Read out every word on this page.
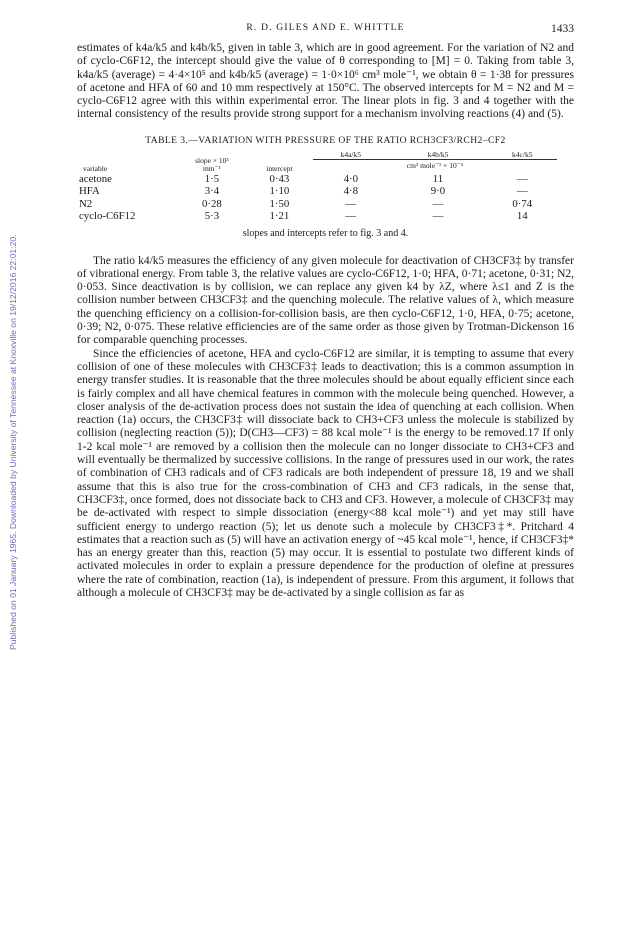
Published on 01 January 1965. Downloaded by University of Tennessee at Knoxville on 19/12/2016 22:01:20.
R. D. GILES AND E. WHITTLE	1433

estimates of k4a/k5 and k4b/k5, given in table 3, which are in good agreement. For the variation of N2 and of cyclo-C6F12, the intercept should give the value of θ corresponding to [M] = 0. Taking from table 3, k4a/k5 (average) = 4·4×10⁵ and k4b/k5 (average) = 1·0×10⁶ cm³ mole⁻¹, we obtain θ = 1·38 for pressures of acetone and HFA of 60 and 10 mm respectively at 150°C. The observed intercepts for M = N2 and M = cyclo-C6F12 agree with this within experimental error. The linear plots in fig. 3 and 4 together with the internal consistency of the results provide strong support for a mechanism involving reactions (4) and (5).

TABLE 3.—VARIATION WITH PRESSURE OF THE RATIO RCH3CF3/RCH2–CF2
variable	slope × 10³
mm⁻¹	intercept	k4a/k5	k4b/k5	k4c/k5
			cm³ mole⁻¹ × 10⁻⁵		
acetone	1·5	0·43	4·0	11	—
HFA	3·4	1·10	4·8	9·0	—
N2	0·28	1·50	—	—	0·74
cyclo-C6F12	5·3	1·21	—	—	14
slopes and intercepts refer to fig. 3 and 4.

The ratio k4/k5 measures the efficiency of any given molecule for deactivation of CH3CF3‡ by transfer of vibrational energy. From table 3, the relative values are cyclo-C6F12, 1·0; HFA, 0·71; acetone, 0·31; N2, 0·053. Since deactivation is by collision, we can replace any given k4 by λZ, where λ≤1 and Z is the collision number between CH3CF3‡ and the quenching molecule. The relative values of λ, which measure the quenching efficiency on a collision-for-collision basis, are then cyclo-C6F12, 1·0, HFA, 0·75; acetone, 0·39; N2, 0·075. These relative efficiencies are of the same order as those given by Trotman-Dickenson 16 for comparable quenching processes.

Since the efficiencies of acetone, HFA and cyclo-C6F12 are similar, it is tempting to assume that every collision of one of these molecules with CH3CF3‡ leads to deactivation; this is a common assumption in energy transfer studies. It is reasonable that the three molecules should be about equally efficient since each is fairly complex and all have chemical features in common with the molecule being quenched. However, a closer analysis of the de-activation process does not sustain the idea of quenching at each collision. When reaction (1a) occurs, the CH3CF3‡ will dissociate back to CH3+CF3 unless the molecule is stabilized by collision (neglecting reaction (5)); D(CH3—CF3) = 88 kcal mole⁻¹ is the energy to be removed.17 If only 1-2 kcal mole⁻¹ are removed by a collision then the molecule can no longer dissociate to CH3+CF3 and will eventually be thermalized by successive collisions. In the range of pressures used in our work, the rates of combination of CH3 radicals and of CF3 radicals are both independent of pressure 18, 19 and we shall assume that this is also true for the cross-combination of CH3 and CF3 radicals, in the sense that, CH3CF3‡, once formed, does not dissociate back to CH3 and CF3. However, a molecule of CH3CF3‡ may be de-activated with respect to simple dissociation (energy<88 kcal mole⁻¹) and yet may still have sufficient energy to undergo reaction (5); let us denote such a molecule by CH3CF3‡*. Pritchard 4 estimates that a reaction such as (5) will have an activation energy of ~45 kcal mole⁻¹, hence, if CH3CF3‡* has an energy greater than this, reaction (5) may occur. It is essential to postulate two different kinds of activated molecules in order to explain a pressure dependence for the production of olefine at pressures where the rate of combination, reaction (1a), is independent of pressure. From this argument, it follows that although a molecule of CH3CF3‡ may be de-activated by a single collision as far as
